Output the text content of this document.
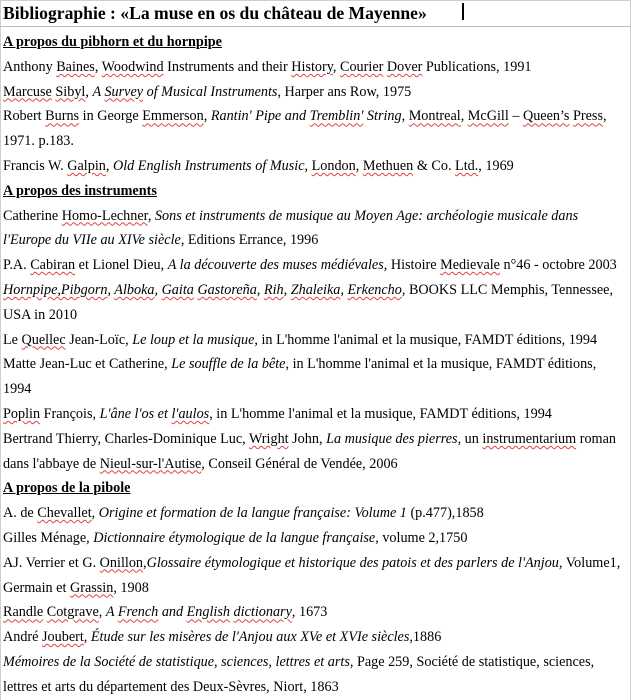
Bibliographie : «La muse en os du château de Mayenne»

A propos du pibhorn et du hornpipe

Anthony Baines, Woodwind Instruments and their History, Courier Dover Publications, 1991

Marcuse Sibyl, A Survey of Musical Instruments, Harper ans Row, 1975

Robert Burns in George Emmerson, Rantin' Pipe and Tremblin' String, Montreal, McGill – Queen’s Press, 1971. p.183.

Francis W. Galpin, Old English Instruments of Music, London, Methuen & Co. Ltd., 1969

A propos des instruments

Catherine Homo-Lechner, Sons et instruments de musique au Moyen Age: archéologie musicale dans l'Europe du VIIe au XIVe siècle, Editions Errance, 1996

P.A. Cabiran et Lionel Dieu, A la découverte des muses médiévales, Histoire Medievale n°46 - octobre 2003

Hornpipe,Pibgorn, Alboka, Gaita Gastoreña, Rih, Zhaleika, Erkencho, BOOKS LLC Memphis, Tennessee, USA in 2010

Le Quellec Jean-Loïc, Le loup et la musique, in L'homme l'animal et la musique, FAMDT éditions, 1994

Matte Jean-Luc et Catherine, Le souffle de la bête, in L'homme l'animal et la musique, FAMDT éditions, 1994

Poplin François, L'âne l'os et l'aulos, in L'homme l'animal et la musique, FAMDT éditions, 1994

Bertrand Thierry, Charles-Dominique Luc, Wright John, La musique des pierres, un instrumentarium roman dans l'abbaye de Nieul-sur-l'Autise, Conseil Général de Vendée, 2006

A propos de la pibole

A. de Chevallet, Origine et formation de la langue française: Volume 1 (p.477),1858

Gilles Ménage, Dictionnaire étymologique de la langue française, volume 2,1750

AJ. Verrier et G. Onillon,Glossaire étymologique et historique des patois et des parlers de l'Anjou, Volume1, Germain et Grassin, 1908

Randle Cotgrave, A French and English dictionary, 1673

André Joubert, Étude sur les misères de l'Anjou aux XVe et XVIe siècles,1886

Mémoires de la Société de statistique, sciences, lettres et arts, Page 259, Société de statistique, sciences, lettres et arts du département des Deux-Sèvres, Niort, 1863
